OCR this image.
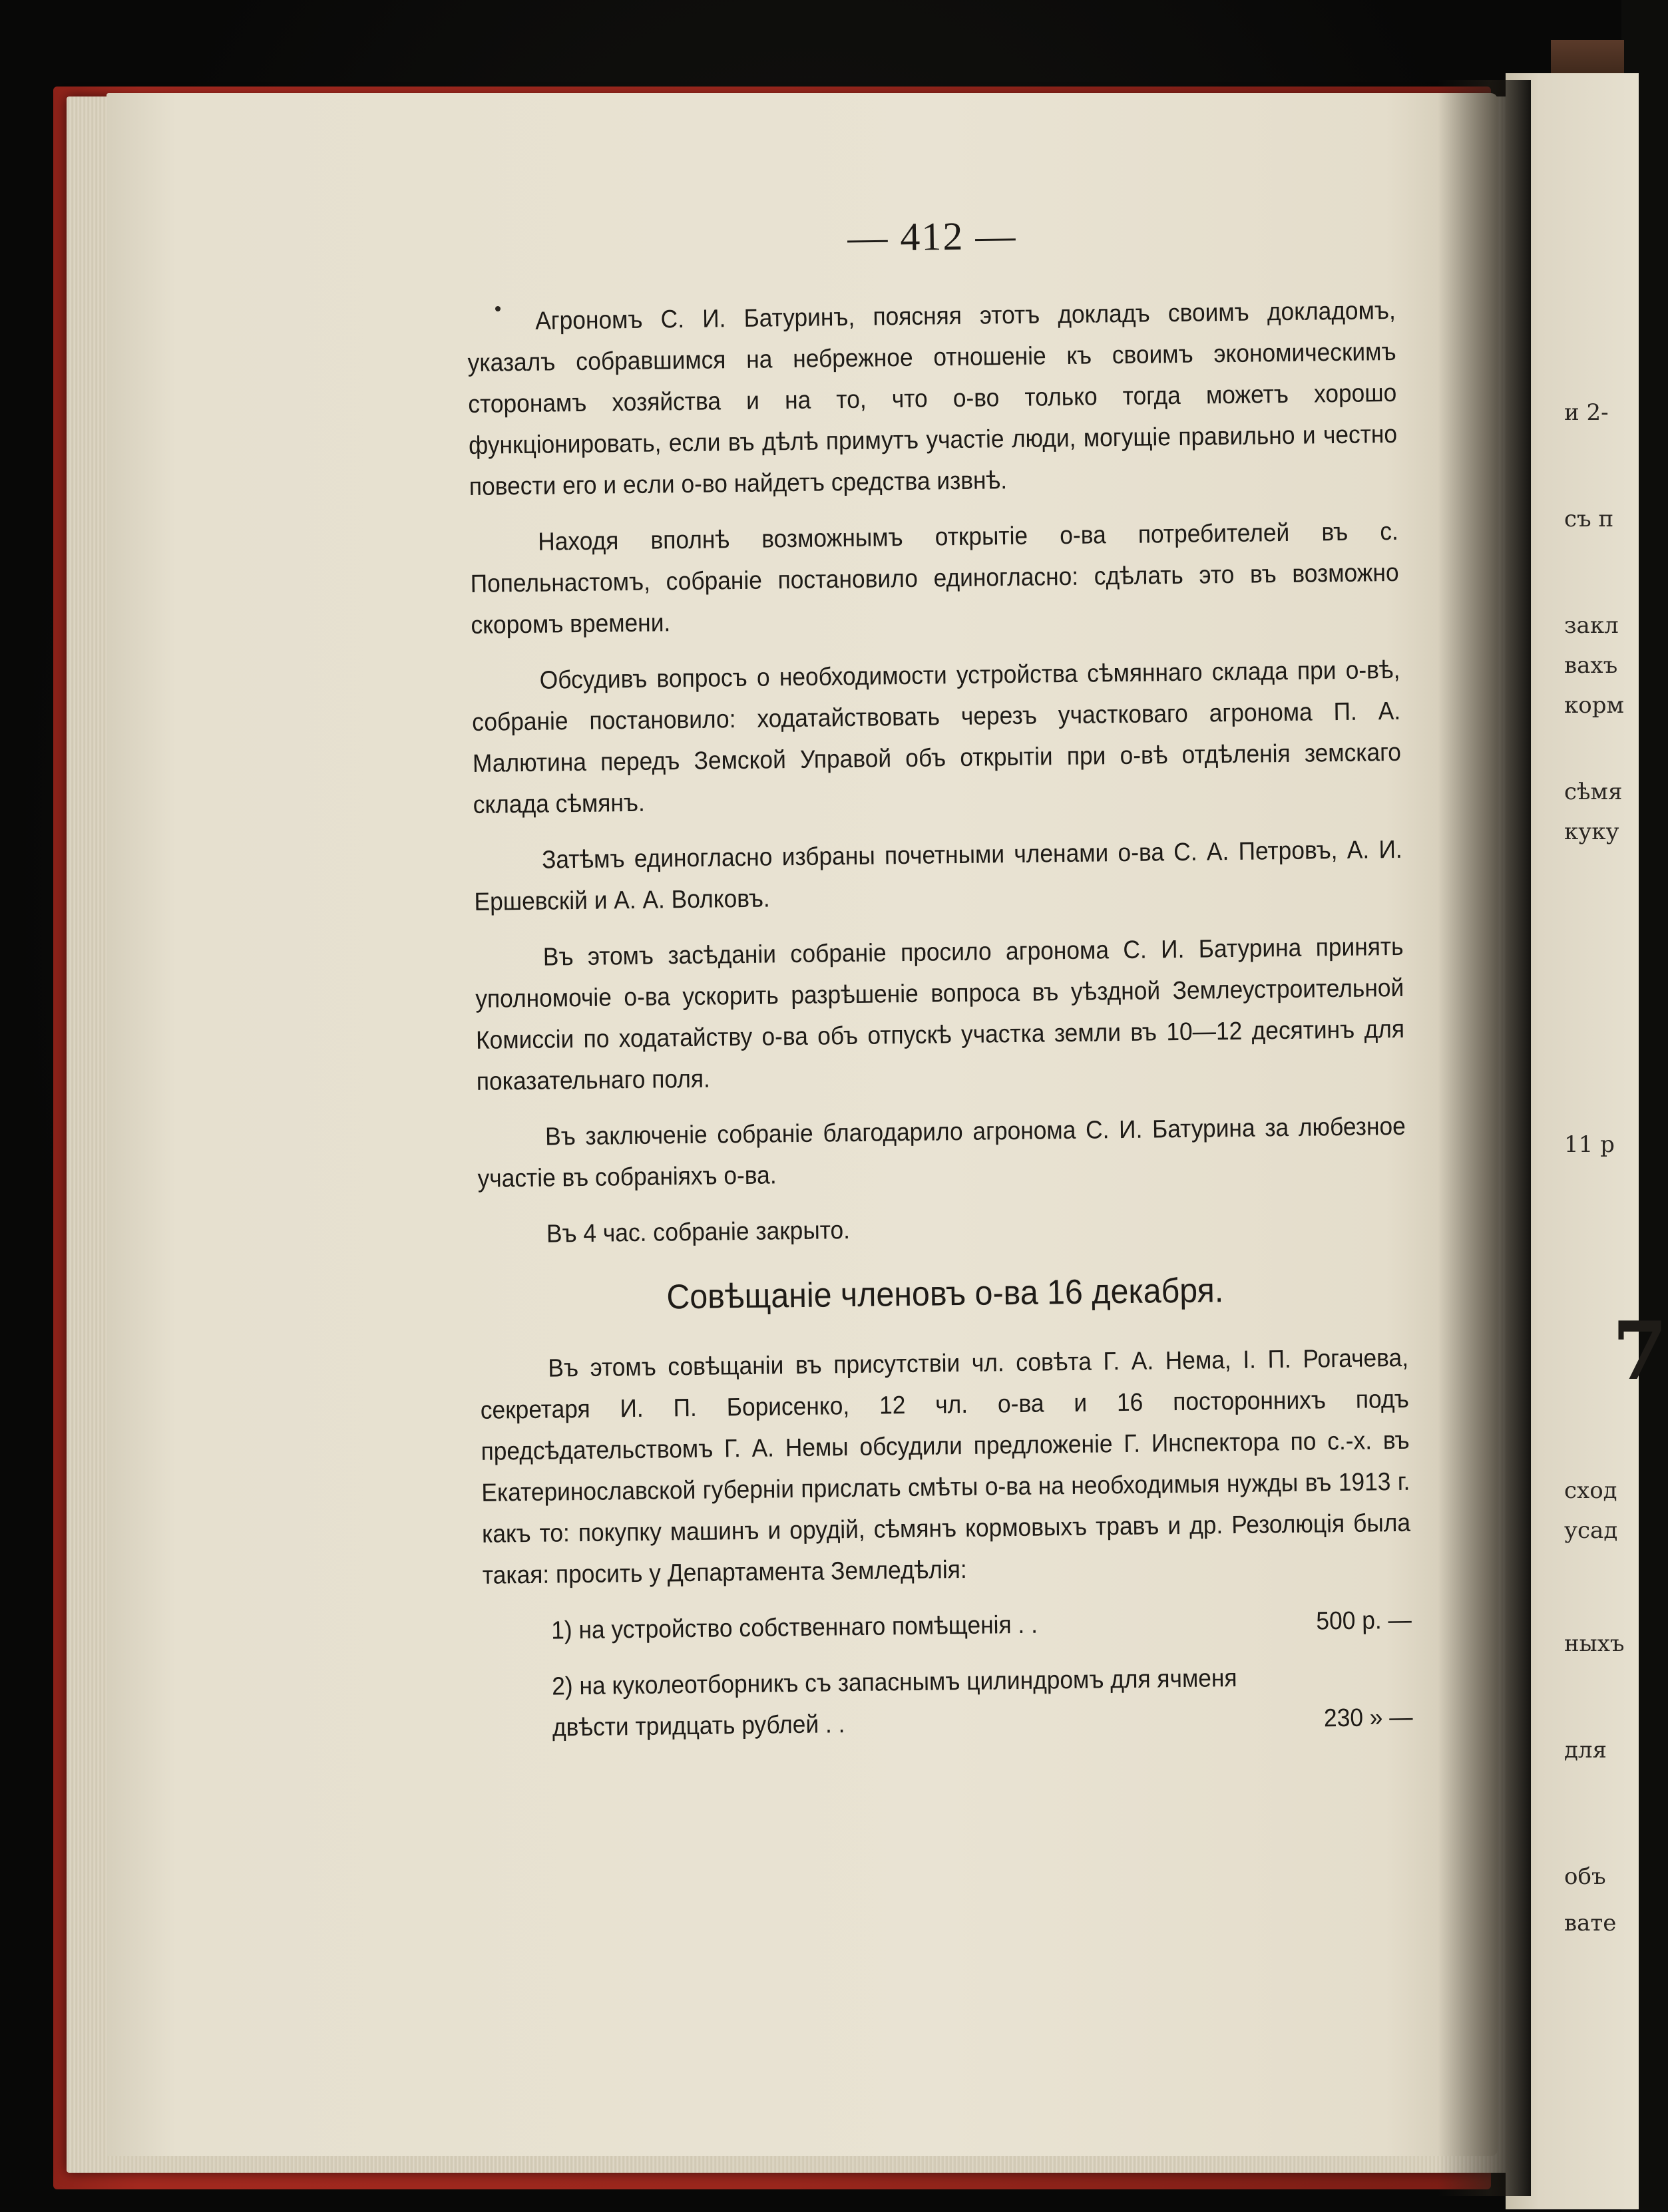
и 2-
съ п
закл
вахъ
корм
сѣмя
куку
11 р
7
сход
усад
ныхъ
для
объ
вате
— 412 —

Агрономъ С. И. Батуринъ, поясняя этотъ докладъ своимъ докладомъ, указалъ собравшимся на небрежное отношеніе къ своимъ экономическимъ сторонамъ хозяйства и на то, что о-во только тогда можетъ хорошо функціонировать, если въ дѣлѣ примутъ участіе люди, могущіе правильно и честно повести его и если о-во найдетъ средства извнѣ.

Находя вполнѣ возможнымъ открытіе о-ва потребителей въ с. Попельнастомъ, собраніе постановило единогласно: сдѣлать это въ возможно скоромъ времени.

Обсудивъ вопросъ о необходимости устройства сѣмяннаго склада при о-вѣ, собраніе постановило: ходатайствовать черезъ участковаго агронома П. А. Малютина передъ Земской Управой объ открытіи при о-вѣ отдѣленія земскаго склада сѣмянъ.

Затѣмъ единогласно избраны почетными членами о-ва С. А. Петровъ, А. И. Ершевскій и А. А. Волковъ.

Въ этомъ засѣданіи собраніе просило агронома С. И. Батурина принять уполномочіе о-ва ускорить разрѣшеніе вопроса въ уѣздной Землеустроительной Комиссіи по ходатайству о-ва объ отпускѣ участка земли въ 10—12 десятинъ для показательнаго поля.

Въ заключеніе собраніе благодарило агронома С. И. Батурина за любезное участіе въ собраніяхъ о-ва.

Въ 4 час. собраніе закрыто.

Совѣщаніе членовъ о-ва 16 декабря.

Въ этомъ совѣщаніи въ присутствіи чл. совѣта Г. А. Нема, І. П. Рогачева, секретаря И. П. Борисенко, 12 чл. о-ва и 16 постороннихъ подъ предсѣдательствомъ Г. А. Немы обсудили предложеніе Г. Инспектора по с.-х. въ Екатеринославской губерніи прислать смѣты о-ва на необходимыя нужды въ 1913 г. какъ то: покупку машинъ и орудій, сѣмянъ кормовыхъ травъ и др. Резолюція была такая: просить у Департамента Земледѣлія:

1) на устройство собственнаго помѣщенія . .	500 р. —
2) на куколеотборникъ съ запаснымъ цилиндромъ для ячменя двѣсти тридцать рублей . .	230 » —
